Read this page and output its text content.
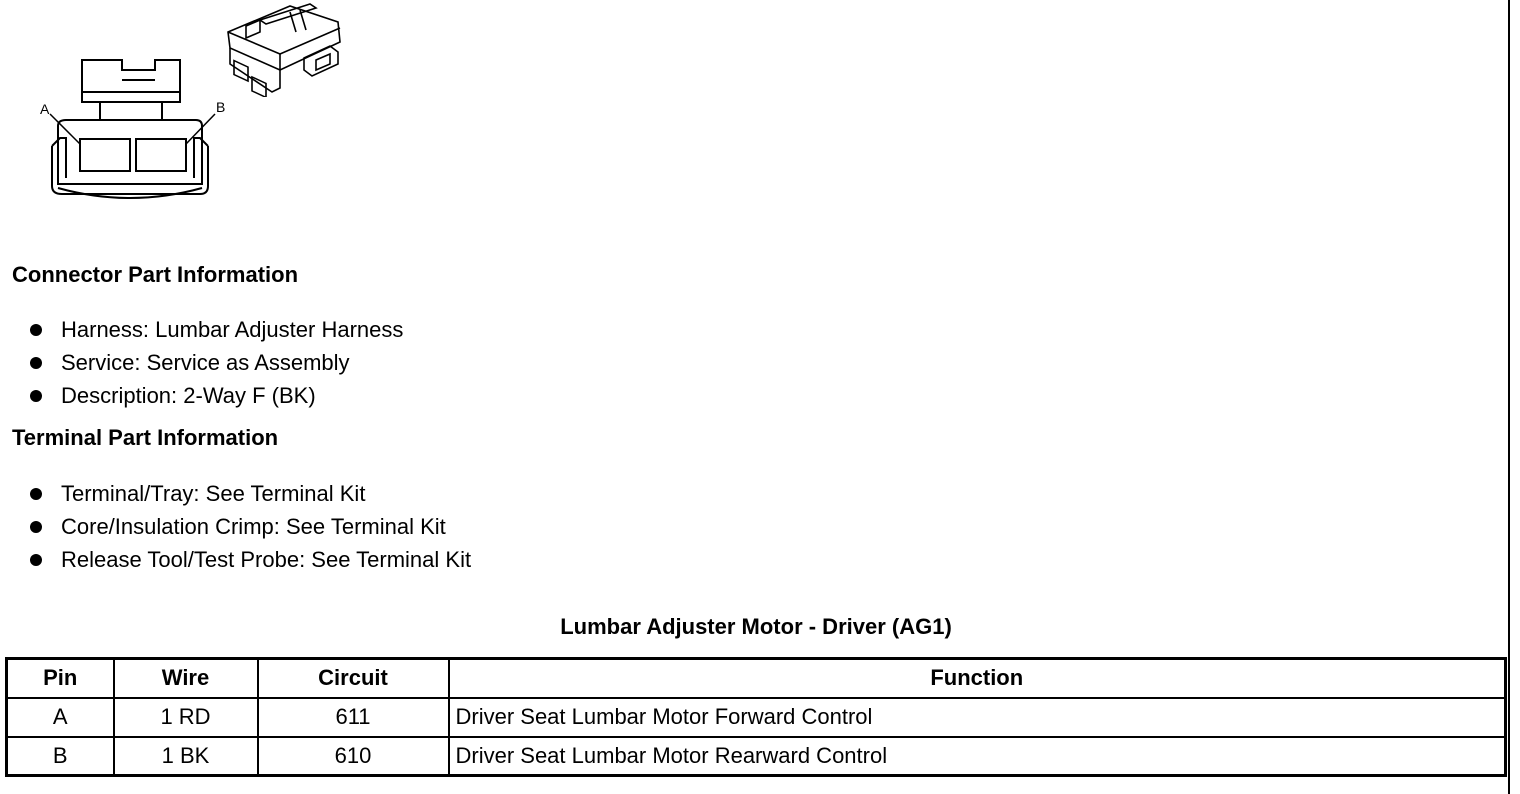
A	B
Connector Part Information
Harness: Lumbar Adjuster Harness
Service: Service as Assembly
Description: 2-Way F (BK)
Terminal Part Information
Terminal/Tray: See Terminal Kit
Core/Insulation Crimp: See Terminal Kit
Release Tool/Test Probe: See Terminal Kit
Lumbar Adjuster Motor - Driver (AG1)
Pin	Wire	Circuit	Function
A	1 RD	611	Driver Seat Lumbar Motor Forward Control
B	1 BK	610	Driver Seat Lumbar Motor Rearward Control
